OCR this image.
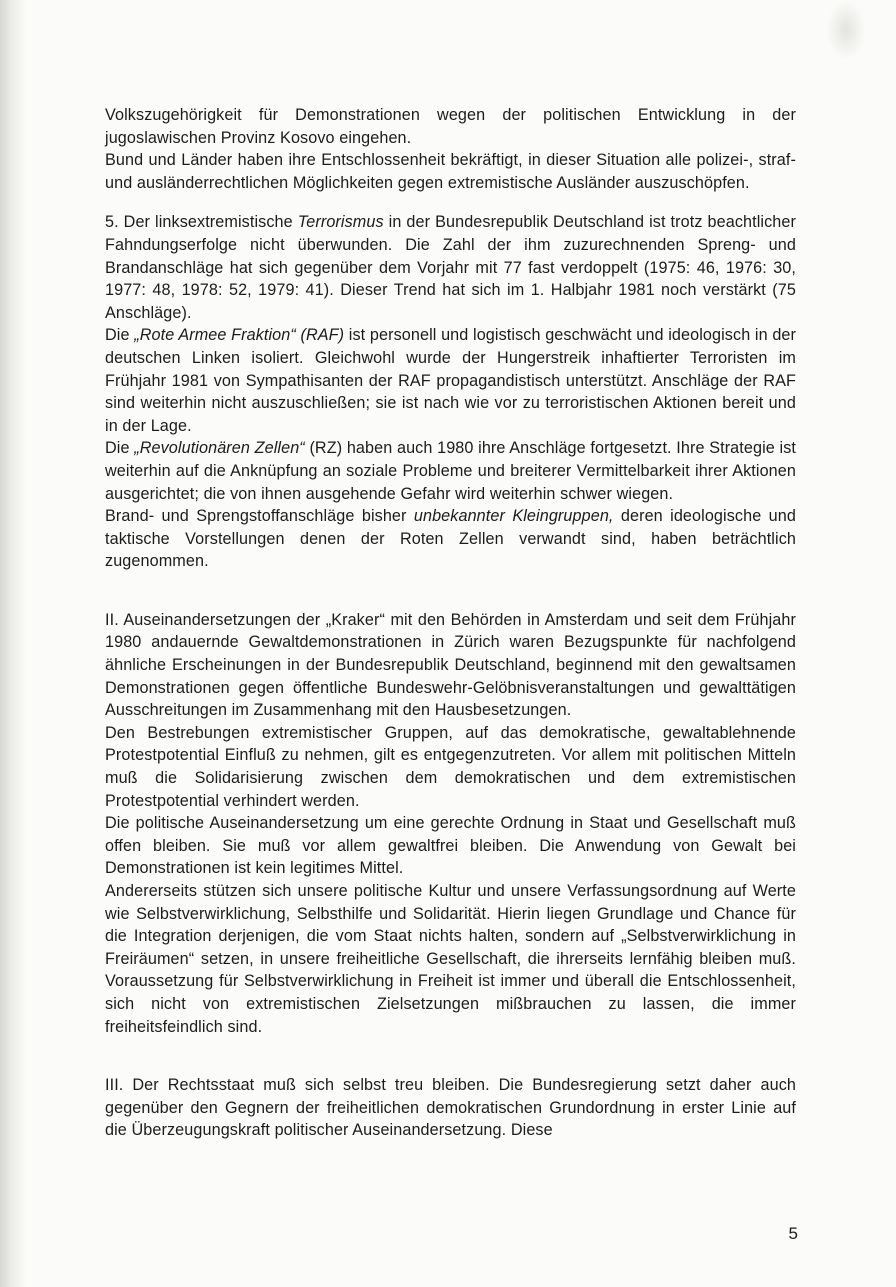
Volkszugehörigkeit für Demonstrationen wegen der politischen Entwicklung in der jugoslawischen Provinz Kosovo eingehen.

Bund und Länder haben ihre Entschlossenheit bekräftigt, in dieser Situation alle polizei-, straf- und ausländerrechtlichen Möglichkeiten gegen extremistische Ausländer auszuschöpfen.

5. Der linksextremistische Terrorismus in der Bundesrepublik Deutschland ist trotz beachtlicher Fahndungserfolge nicht überwunden. Die Zahl der ihm zuzurechnenden Spreng- und Brandanschläge hat sich gegenüber dem Vorjahr mit 77 fast verdoppelt (1975: 46, 1976: 30, 1977: 48, 1978: 52, 1979: 41). Dieser Trend hat sich im 1. Halbjahr 1981 noch verstärkt (75 Anschläge).

Die „Rote Armee Fraktion“ (RAF) ist personell und logistisch geschwächt und ideologisch in der deutschen Linken isoliert. Gleichwohl wurde der Hungerstreik inhaftierter Terroristen im Frühjahr 1981 von Sympathisanten der RAF propagandistisch unterstützt. Anschläge der RAF sind weiterhin nicht auszuschließen; sie ist nach wie vor zu terroristischen Aktionen bereit und in der Lage.

Die „Revolutionären Zellen“ (RZ) haben auch 1980 ihre Anschläge fortgesetzt. Ihre Strategie ist weiterhin auf die Anknüpfung an soziale Probleme und breiterer Vermittelbarkeit ihrer Aktionen ausgerichtet; die von ihnen ausgehende Gefahr wird weiterhin schwer wiegen.

Brand- und Sprengstoffanschläge bisher unbekannter Kleingruppen, deren ideologische und taktische Vorstellungen denen der Roten Zellen verwandt sind, haben beträchtlich zugenommen.

II. Auseinandersetzungen der „Kraker“ mit den Behörden in Amsterdam und seit dem Frühjahr 1980 andauernde Gewaltdemonstrationen in Zürich waren Bezugspunkte für nachfolgend ähnliche Erscheinungen in der Bundesrepublik Deutschland, beginnend mit den gewaltsamen Demonstrationen gegen öffentliche Bundeswehr-Gelöbnisveranstaltungen und gewalttätigen Ausschreitungen im Zusammenhang mit den Hausbesetzungen.

Den Bestrebungen extremistischer Gruppen, auf das demokratische, gewaltablehnende Protestpotential Einfluß zu nehmen, gilt es entgegenzutreten. Vor allem mit politischen Mitteln muß die Solidarisierung zwischen dem demokratischen und dem extremistischen Protestpotential verhindert werden.

Die politische Auseinandersetzung um eine gerechte Ordnung in Staat und Gesellschaft muß offen bleiben. Sie muß vor allem gewaltfrei bleiben. Die Anwendung von Gewalt bei Demonstrationen ist kein legitimes Mittel.

Andererseits stützen sich unsere politische Kultur und unsere Verfassungsordnung auf Werte wie Selbstverwirklichung, Selbsthilfe und Solidarität. Hierin liegen Grundlage und Chance für die Integration derjenigen, die vom Staat nichts halten, sondern auf „Selbstverwirklichung in Freiräumen“ setzen, in unsere freiheitliche Gesellschaft, die ihrerseits lernfähig bleiben muß. Voraussetzung für Selbstverwirklichung in Freiheit ist immer und überall die Entschlossenheit, sich nicht von extremistischen Zielsetzungen mißbrauchen zu lassen, die immer freiheitsfeindlich sind.

III. Der Rechtsstaat muß sich selbst treu bleiben. Die Bundesregierung setzt daher auch gegenüber den Gegnern der freiheitlichen demokratischen Grundordnung in erster Linie auf die Überzeugungskraft politischer Auseinandersetzung. Diese

5
